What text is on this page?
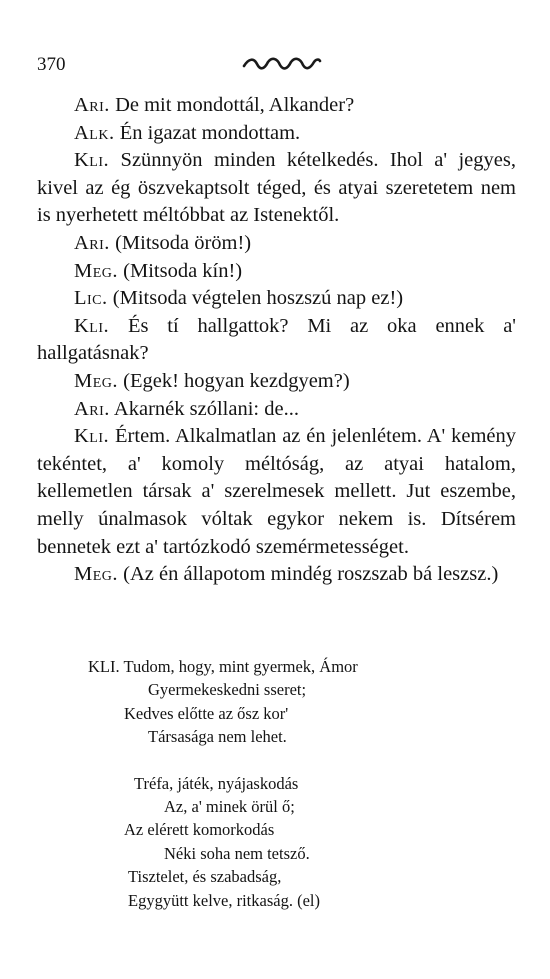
370

Ari. De mit mondottál, Alkander?

Alk. Én igazat mondottam.

Kli. Szünnyön minden kételkedés. Ihol a' jegyes, kivel az ég öszvekaptsolt téged, és atyai szeretetem nem is nyerhetett méltóbbat az Istenektől.

Ari. (Mitsoda öröm!)

Meg. (Mitsoda kín!)

Lic. (Mitsoda végtelen hoszszú nap ez!)

Kli. És tí hallgattok? Mi az oka ennek a' hallgatásnak?

Meg. (Egek! hogyan kezdgyem?)

Ari. Akarnék szóllani: de...

Kli. Értem. Alkalmatlan az én jelenlétem. A' kemény tekéntet, a' komoly méltóság, az atyai hatalom, kellemetlen társak a' szerelmesek mellett. Jut eszembe, melly únalmasok vóltak egykor nekem is. Dítsérem bennetek ezt a' tartózkodó szemérmetességet.

Meg. (Az én állapotom mindég roszszab bá leszsz.)

KLI. Tudom, hogy, mint gyermek, Ámor
Gyermekeskedni sseret;
Kedves előtte az ősz kor'
Társasága nem lehet.
Tréfa, játék, nyájaskodás
Az, a' minek örül ő;
Az elérett komorkodás
Néki soha nem tetsző.
Tisztelet, és szabadság,
Egygyütt kelve, ritkaság. (el)
